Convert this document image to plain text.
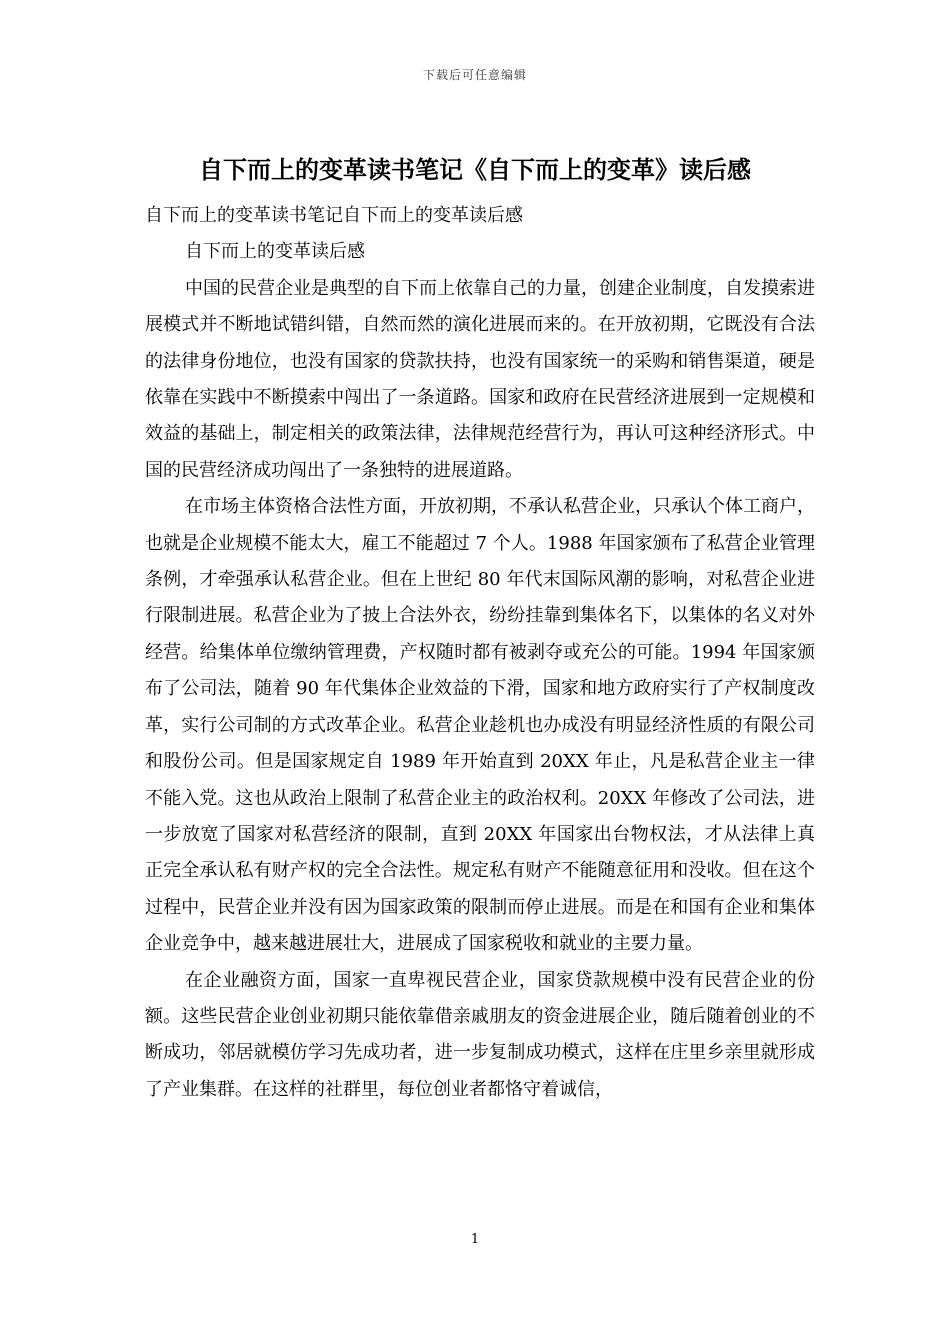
下载后可任意编辑
自下而上的变革读书笔记《自下而上的变革》读后感

自下而上的变革读书笔记自下而上的变革读后感

自下而上的变革读后感

中国的民营企业是典型的自下而上依靠自己的力量，创建企业制度，自发摸索进展模式并不断地试错纠错，自然而然的演化进展而来的。在开放初期，它既没有合法的法律身份地位，也没有国家的贷款扶持，也没有国家统一的采购和销售渠道，硬是依靠在实践中不断摸索中闯出了一条道路。国家和政府在民营经济进展到一定规模和效益的基础上，制定相关的政策法律，法律规范经营行为，再认可这种经济形式。中国的民营经济成功闯出了一条独特的进展道路。

在市场主体资格合法性方面，开放初期，不承认私营企业，只承认个体工商户，也就是企业规模不能太大，雇工不能超过 7 个人。1988 年国家颁布了私营企业管理条例，才牵强承认私营企业。但在上世纪 80 年代末国际风潮的影响，对私营企业进行限制进展。私营企业为了披上合法外衣，纷纷挂靠到集体名下，以集体的名义对外经营。给集体单位缴纳管理费，产权随时都有被剥夺或充公的可能。1994 年国家颁布了公司法，随着 90 年代集体企业效益的下滑，国家和地方政府实行了产权制度改革，实行公司制的方式改革企业。私营企业趁机也办成没有明显经济性质的有限公司和股份公司。但是国家规定自 1989 年开始直到 20XX 年止，凡是私营企业主一律不能入党。这也从政治上限制了私营企业主的政治权利。20XX 年修改了公司法，进一步放宽了国家对私营经济的限制，直到 20XX 年国家出台物权法，才从法律上真正完全承认私有财产权的完全合法性。规定私有财产不能随意征用和没收。但在这个过程中，民营企业并没有因为国家政策的限制而停止进展。而是在和国有企业和集体企业竞争中，越来越进展壮大，进展成了国家税收和就业的主要力量。

在企业融资方面，国家一直卑视民营企业，国家贷款规模中没有民营企业的份额。这些民营企业创业初期只能依靠借亲戚朋友的资金进展企业，随后随着创业的不断成功，邻居就模仿学习先成功者，进一步复制成功模式，这样在庄里乡亲里就形成了产业集群。在这样的社群里，每位创业者都恪守着诚信，

1
